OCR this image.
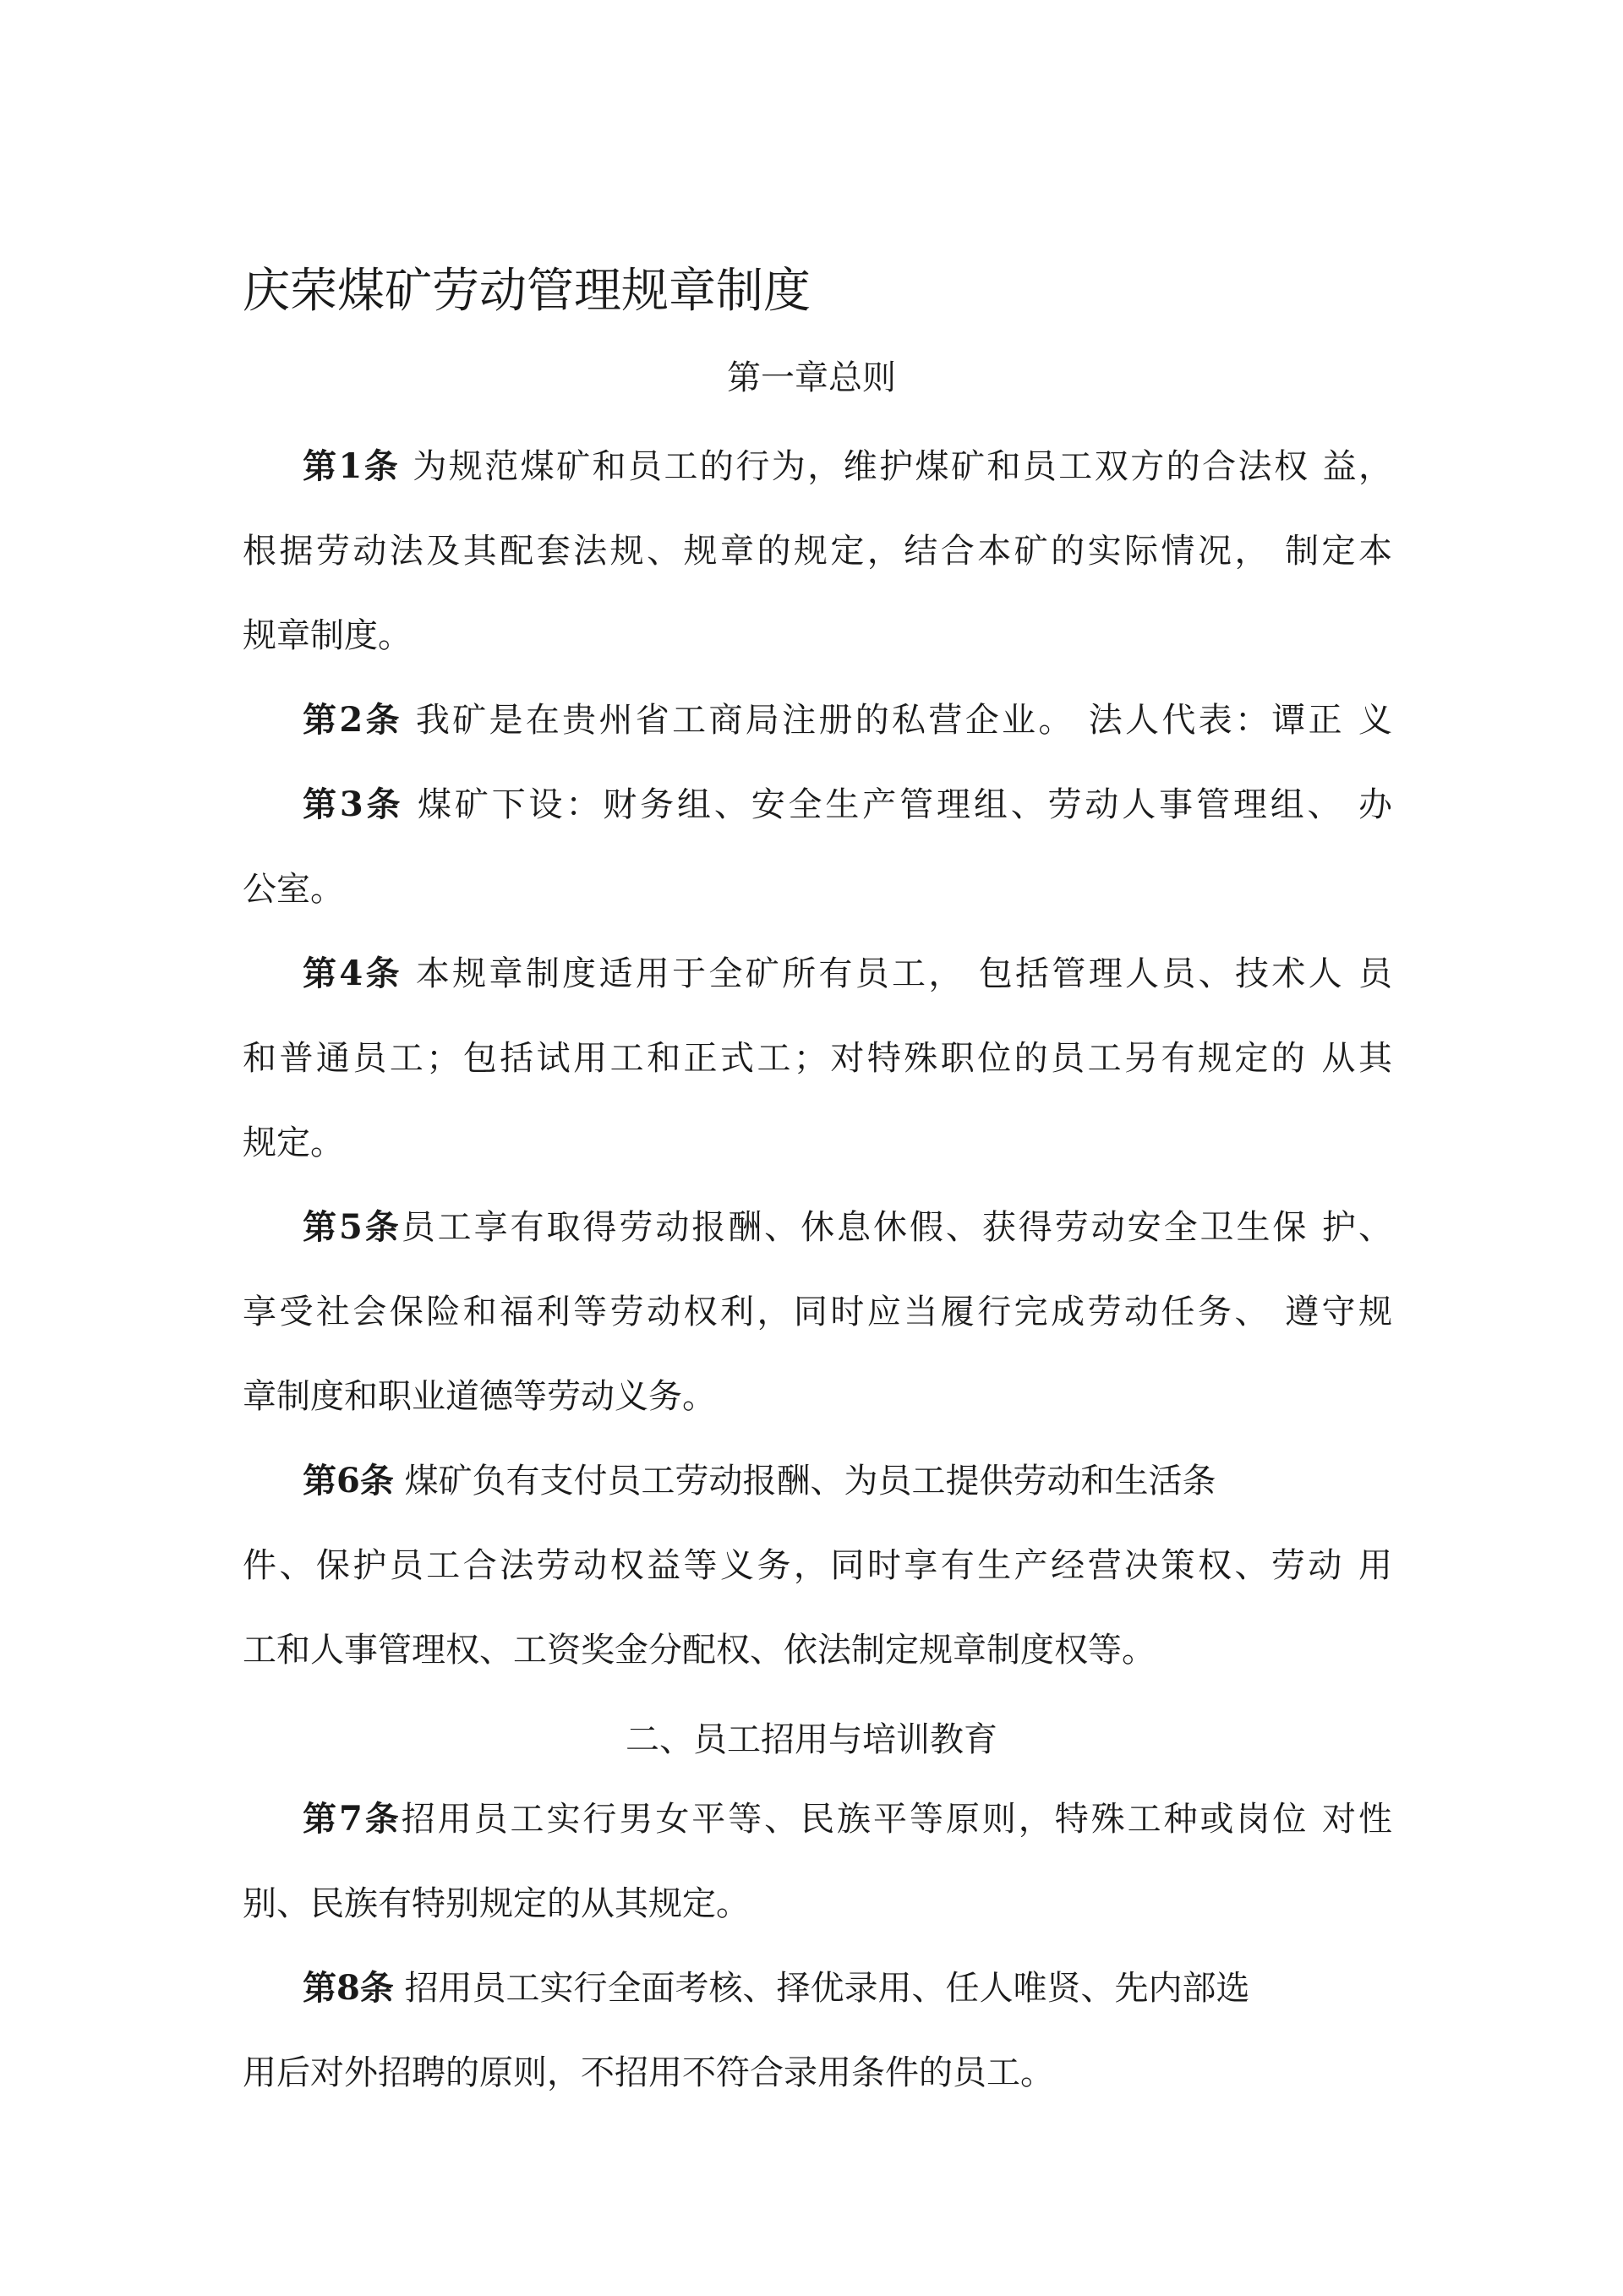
庆荣煤矿劳动管理规章制度
第一章总则

第1条 为规范煤矿和员工的行为，维护煤矿和员工双方的合法权 益，

根据劳动法及其配套法规、规章的规定，结合本矿的实际情况， 制定本

规章制度。

第2条 我矿是在贵州省工商局注册的私营企业。 法人代表：谭正 义

第3条 煤矿下设：财务组、安全生产管理组、劳动人事管理组、 办

公室。

第4条 本规章制度适用于全矿所有员工， 包括管理人员、技术人 员

和普通员工；包括试用工和正式工；对特殊职位的员工另有规定的 从其

规定。

第5条员工享有取得劳动报酬、休息休假、获得劳动安全卫生保 护、

享受社会保险和福利等劳动权利，同时应当履行完成劳动任务、 遵守规

章制度和职业道德等劳动义务。

第6条 煤矿负有支付员工劳动报酬、为员工提供劳动和生活条

件、保护员工合法劳动权益等义务，同时享有生产经营决策权、劳动 用

工和人事管理权、工资奖金分配权、依法制定规章制度权等。

二、员工招用与培训教育

第7条招用员工实行男女平等、民族平等原则，特殊工种或岗位 对性

别、民族有特别规定的从其规定。

第8条 招用员工实行全面考核、择优录用、任人唯贤、先内部选

用后对外招聘的原则，不招用不符合录用条件的员工。
